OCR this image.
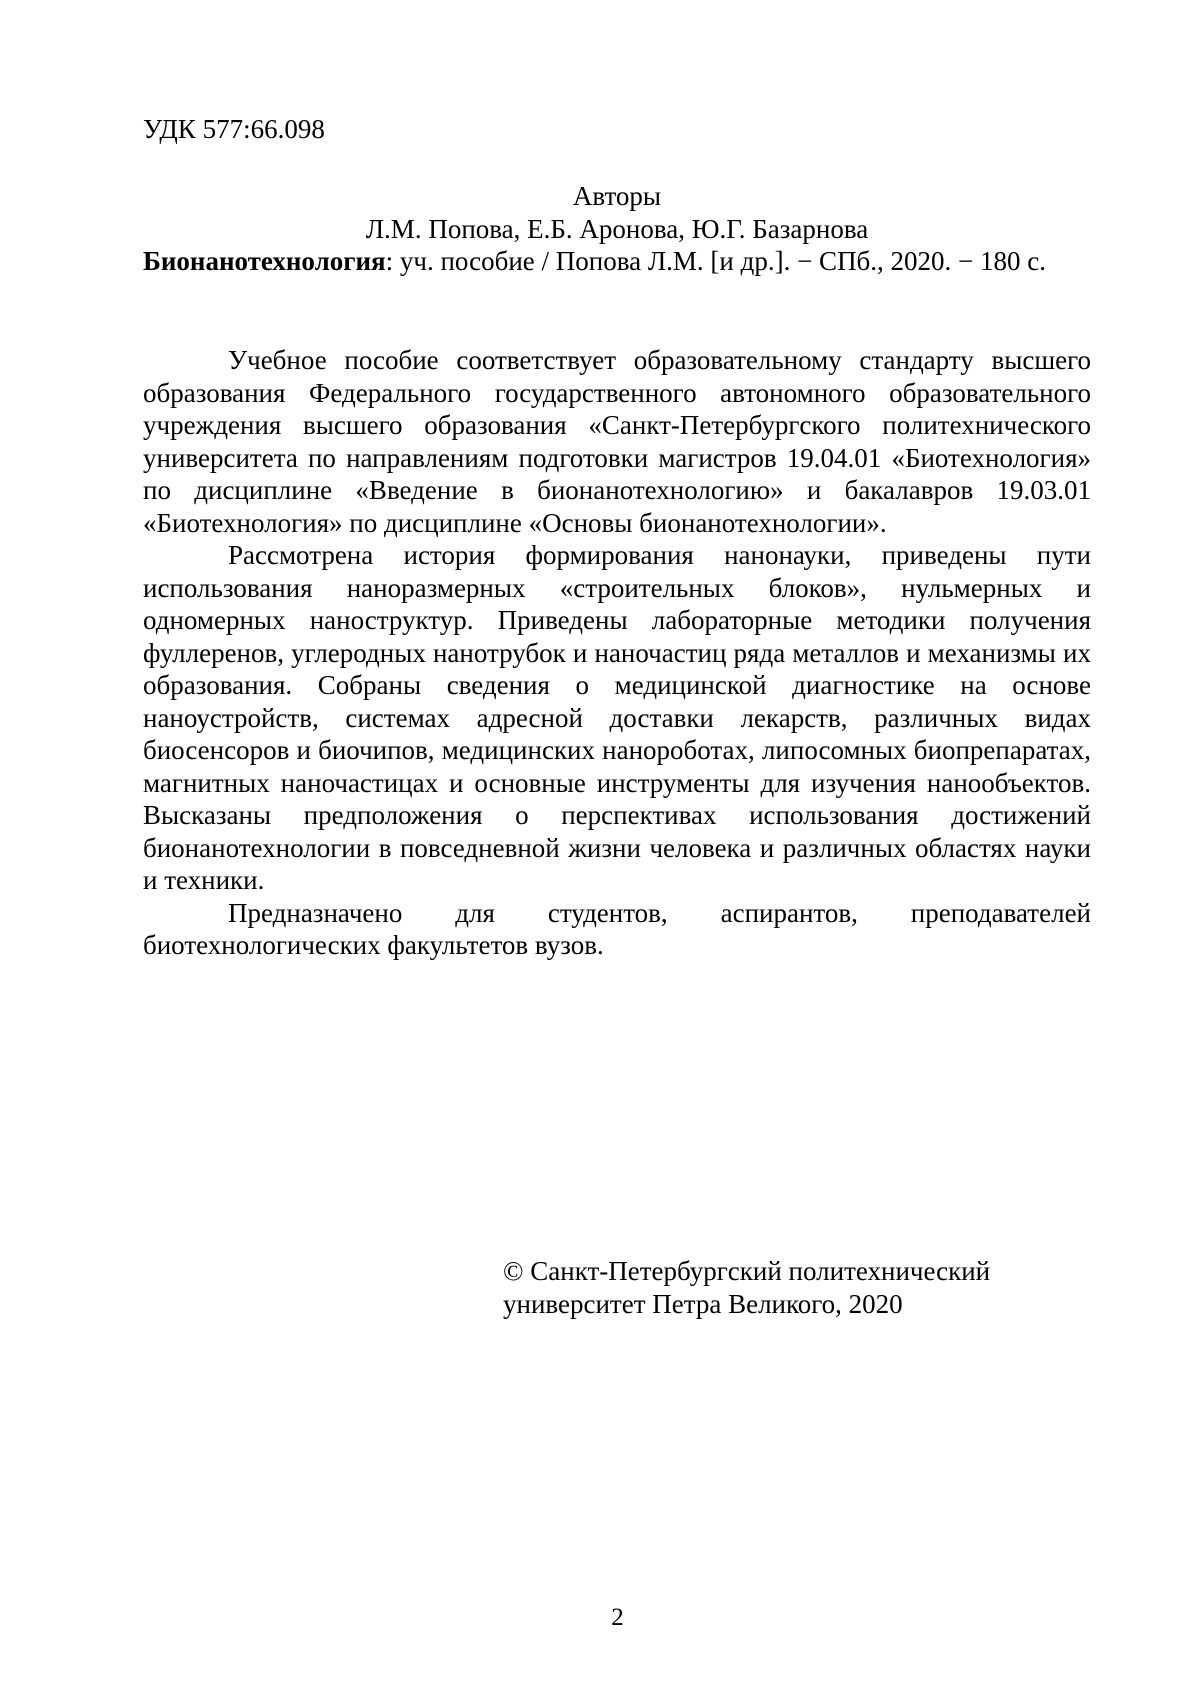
УДК 577:66.098
Авторы
Л.М. Попова, Е.Б. Аронова, Ю.Г. Базарнова
Бионанотехнология: уч. пособие / Попова Л.М. [и др.]. − СПб., 2020. − 180 с.

Учебное пособие соответствует образовательному стандарту высшего образования Федерального государственного автономного образовательного учреждения высшего образования «Санкт-Петербургского политехнического университета по направлениям подготовки магистров 19.04.01 «Биотехнология» по дисциплине «Введение в бионанотехнологию» и бакалавров 19.03.01 «Биотехнология» по дисциплине «Основы бионанотехнологии».

Рассмотрена история формирования нанонауки, приведены пути использования наноразмерных «строительных блоков», нульмерных и одномерных наноструктур. Приведены лабораторные методики получения фуллеренов, углеродных нанотрубок и наночастиц ряда металлов и механизмы их образования. Собраны сведения о медицинской диагностике на основе наноустройств, системах адресной доставки лекарств, различных видах биосенсоров и биочипов, медицинских нанороботах, липосомных биопрепаратах, магнитных наночастицах и основные инструменты для изучения нанообъектов. Высказаны предположения о перспективах использования достижений бионанотехнологии в повседневной жизни человека и различных областях науки и техники.

Предназначено для студентов, аспирантов, преподавателей биотехнологических факультетов вузов.

© Санкт-Петербургский политехнический
университет Петра Великого, 2020
2
